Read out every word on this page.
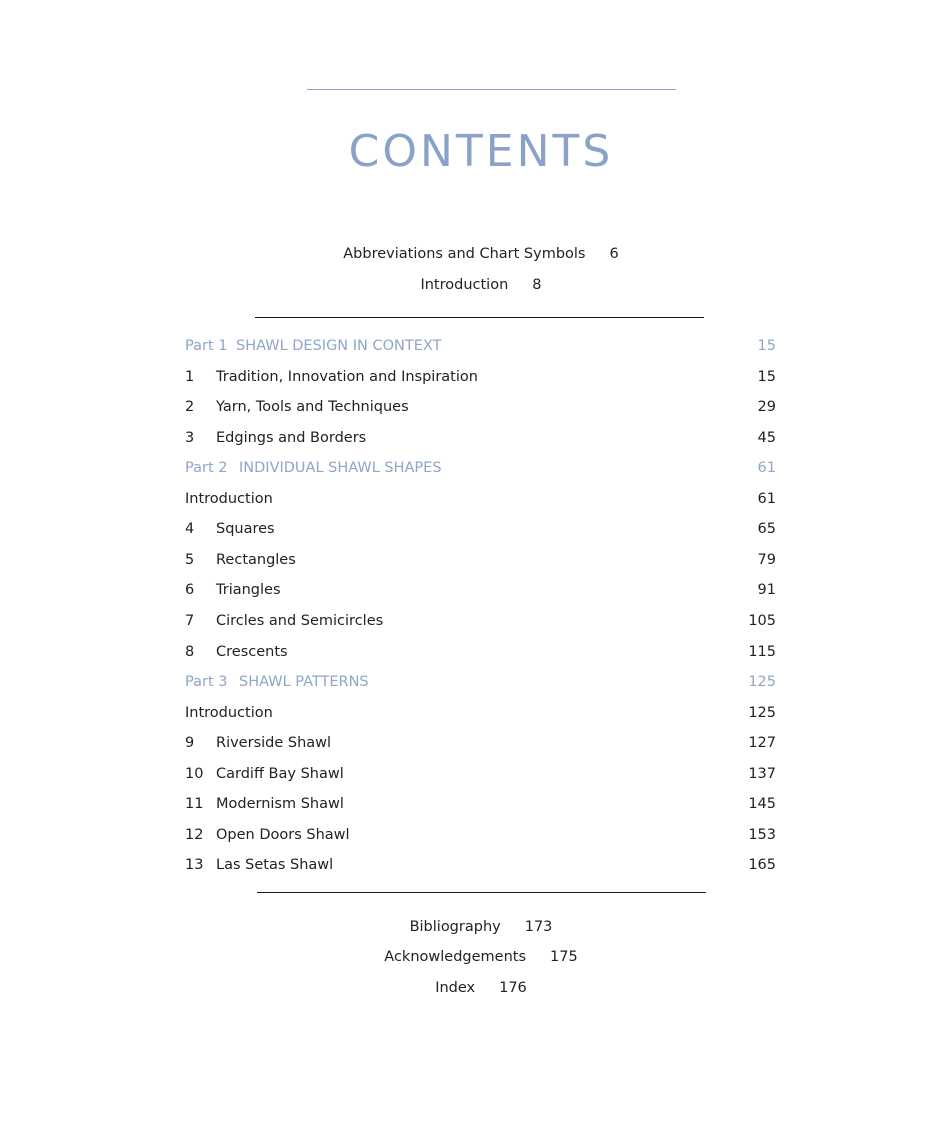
CONTENTS
Abbreviations and Chart Symbols 6
Introduction 8
Part 1 SHAWL DESIGN IN CONTEXT	15
1 Tradition, Innovation and Inspiration	15
2 Yarn, Tools and Techniques	29
3 Edgings and Borders	45
Part 2 INDIVIDUAL SHAWL SHAPES	61
Introduction	61
4 Squares	65
5 Rectangles	79
6 Triangles	91
7 Circles and Semicircles	105
8 Crescents	115
Part 3 SHAWL PATTERNS	125
Introduction	125
9 Riverside Shawl	127
10 Cardiff Bay Shawl	137
11 Modernism Shawl	145
12 Open Doors Shawl	153
13 Las Setas Shawl	165
Bibliography 173
Acknowledgements 175
Index 176
